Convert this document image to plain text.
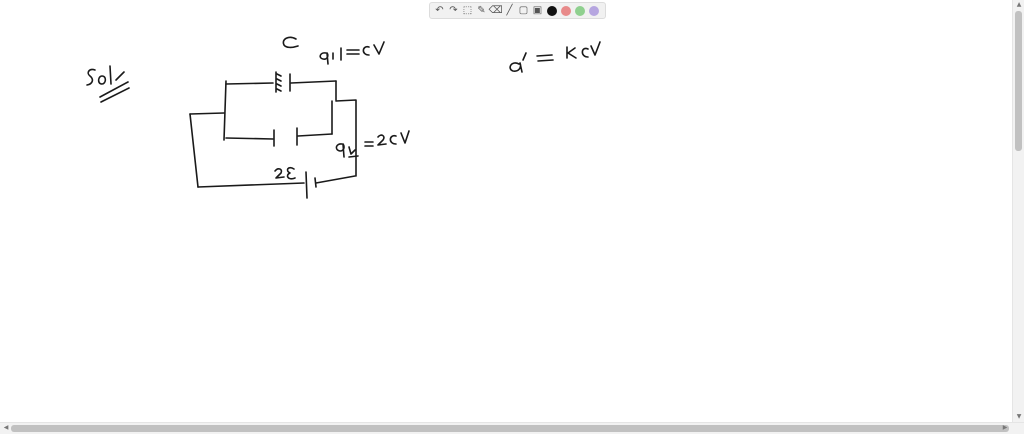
↶ ↷ ⬚ ✎ ⌫ ╱ ▢ ▣
▲
▼
◀	▶
